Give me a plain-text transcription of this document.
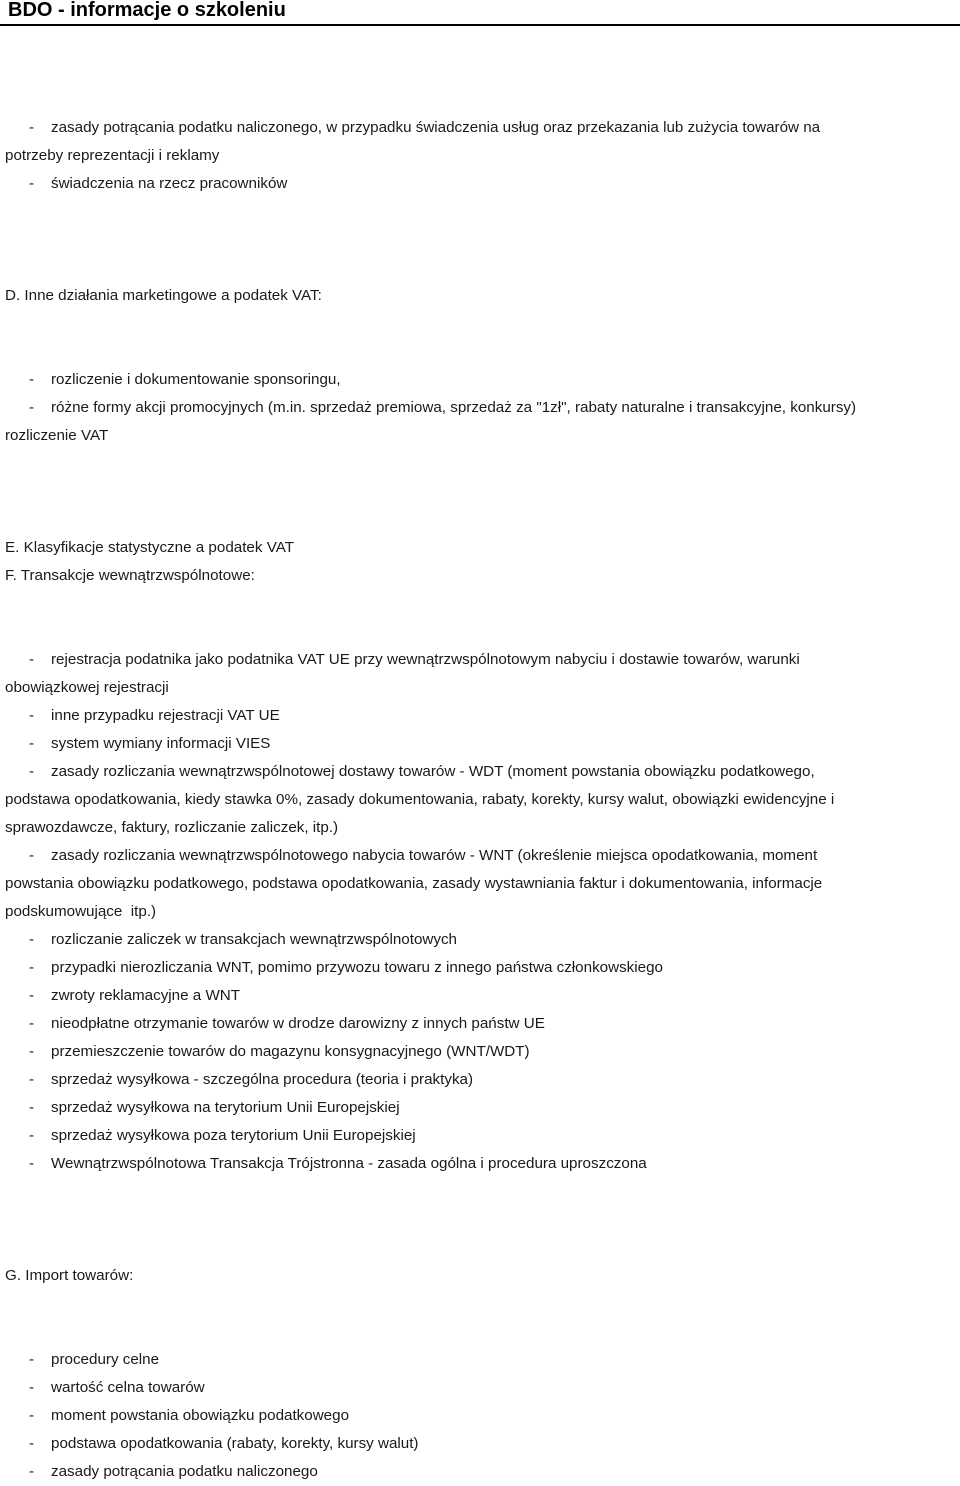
BDO - informacje o szkoleniu
- zasady potrącania podatku naliczonego, w przypadku świadczenia usług oraz przekazania lub zużycia towarów na
potrzeby reprezentacji i reklamy
- świadczenia na rzecz pracowników
D. Inne działania marketingowe a podatek VAT:
- rozliczenie i dokumentowanie sponsoringu,
- różne formy akcji promocyjnych (m.in. sprzedaż premiowa, sprzedaż za "1zł", rabaty naturalne i transakcyjne, konkursy)
rozliczenie VAT
E. Klasyfikacje statystyczne a podatek VAT
F. Transakcje wewnątrzwspólnotowe:
- rejestracja podatnika jako podatnika VAT UE przy wewnątrzwspólnotowym nabyciu i dostawie towarów, warunki
obowiązkowej rejestracji
- inne przypadku rejestracji VAT UE
- system wymiany informacji VIES
- zasady rozliczania wewnątrzwspólnotowej dostawy towarów - WDT (moment powstania obowiązku podatkowego,
podstawa opodatkowania, kiedy stawka 0%, zasady dokumentowania, rabaty, korekty, kursy walut, obowiązki ewidencyjne i
sprawozdawcze, faktury, rozliczanie zaliczek, itp.)
- zasady rozliczania wewnątrzwspólnotowego nabycia towarów - WNT (określenie miejsca opodatkowania, moment
powstania obowiązku podatkowego, podstawa opodatkowania, zasady wystawniania faktur i dokumentowania, informacje
podskumowujące  itp.)
- rozliczanie zaliczek w transakcjach wewnątrzwspólnotowych
- przypadki nierozliczania WNT, pomimo przywozu towaru z innego państwa członkowskiego
- zwroty reklamacyjne a WNT
- nieodpłatne otrzymanie towarów w drodze darowizny z innych państw UE
- przemieszczenie towarów do magazynu konsygnacyjnego (WNT/WDT)
- sprzedaż wysyłkowa - szczególna procedura (teoria i praktyka)
- sprzedaż wysyłkowa na terytorium Unii Europejskiej
- sprzedaż wysyłkowa poza terytorium Unii Europejskiej
- Wewnątrzwspólnotowa Transakcja Trójstronna - zasada ogólna i procedura uproszczona
G. Import towarów:
- procedury celne
- wartość celna towarów
- moment powstania obowiązku podatkowego
- podstawa opodatkowania (rabaty, korekty, kursy walut)
- zasady potrącania podatku naliczonego
